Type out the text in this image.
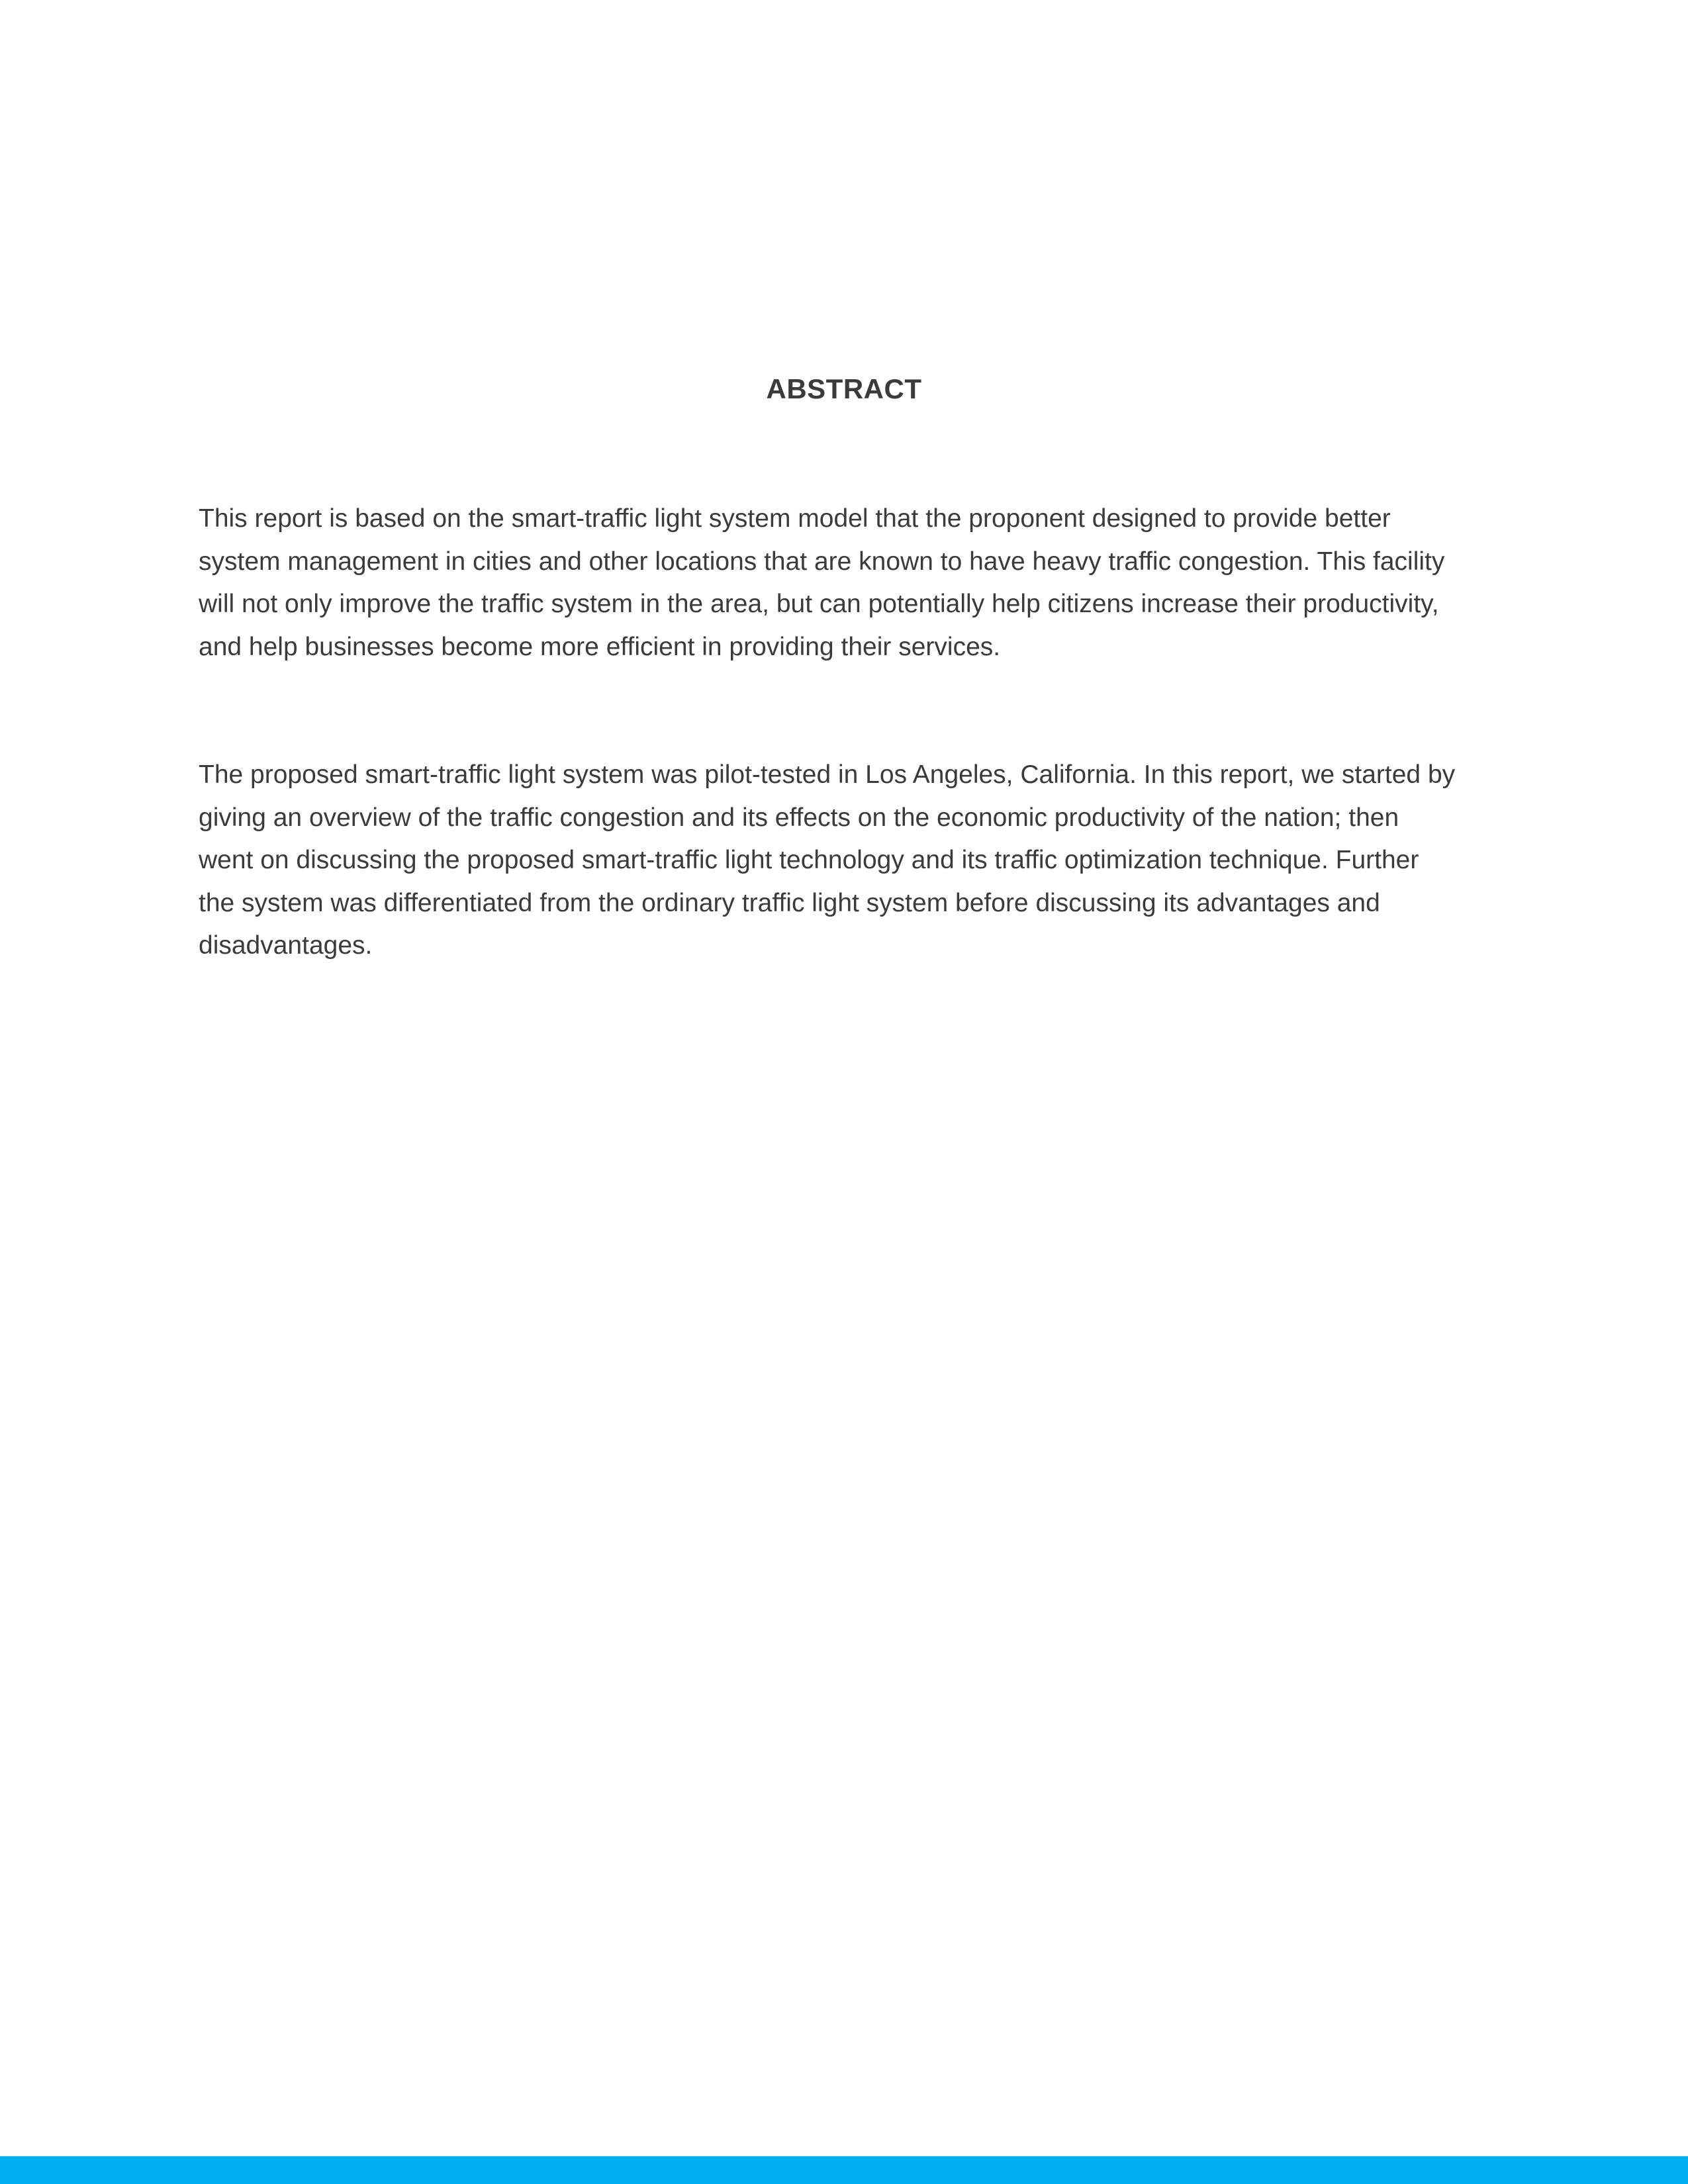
ABSTRACT

This report is based on the smart-traffic light system model that the proponent designed to provide better system management in cities and other locations that are known to have heavy traffic congestion. This facility will not only improve the traffic system in the area, but can potentially help citizens increase their productivity, and help businesses become more efficient in providing their services.

The proposed smart-traffic light system was pilot-tested in Los Angeles, California. In this report, we started by giving an overview of the traffic congestion and its effects on the economic productivity of the nation; then went on discussing the proposed smart-traffic light technology and its traffic optimization technique. Further the system was differentiated from the ordinary traffic light system before discussing its advantages and disadvantages.
